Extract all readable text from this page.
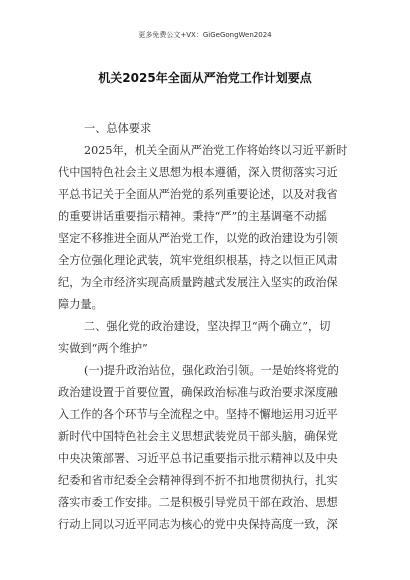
更多免费公文+VX：GiGeGongWen2024
机关2025年全面从严治党工作计划要点
一、总体要求
2025年，机关全面从严治党工作将始终以习近平新时
代中国特色社会主义思想为根本遵循，深入贯彻落实习近
平总书记关于全面从严治党的系列重要论述，以及对我省
的重要讲话重要指示精神。秉持“严”的主基调毫不动摇
坚定不移推进全面从严治党工作，以党的政治建设为引领
全方位强化理论武装，筑牢党组织根基，持之以恒正风肃
纪，为全市经济实现高质量跨越式发展注入坚实的政治保
障力量。
二、强化党的政治建设，坚决捍卫“两个确立”，切
实做到“两个维护”
(一)提升政治站位，强化政治引领。一是始终将党的
政治建设置于首要位置，确保政治标准与政治要求深度融
入工作的各个环节与全流程之中。坚持不懈地运用习近平
新时代中国特色社会主义思想武装党员干部头脑，确保党
中央决策部署、习近平总书记重要指示批示精神以及中央
纪委和省市纪委全会精神得到不折不扣地贯彻执行，扎实
落实市委工作安排。二是积极引导党员干部在政治、思想
行动上同以习近平同志为核心的党中央保持高度一致，深
